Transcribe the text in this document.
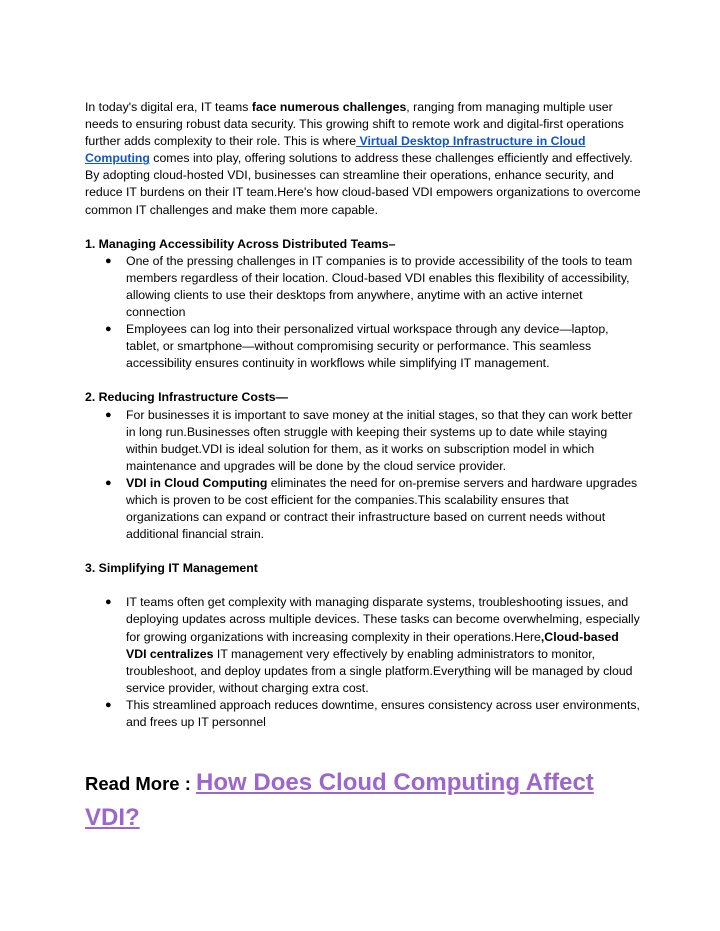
In today's digital era, IT teams face numerous challenges, ranging from managing multiple user needs to ensuring robust data security. This growing shift to remote work and digital-first operations further adds complexity to their role. This is where Virtual Desktop Infrastructure in Cloud Computing comes into play, offering solutions to address these challenges efficiently and effectively. By adopting cloud-hosted VDI, businesses can streamline their operations, enhance security, and reduce IT burdens on their IT team.Here's how cloud-based VDI empowers organizations to overcome common IT challenges and make them more capable.

1. Managing Accessibility Across Distributed Teams–

● One of the pressing challenges in IT companies is to provide accessibility of the tools to team members regardless of their location. Cloud-based VDI enables this flexibility of accessibility, allowing clients to use their desktops from anywhere, anytime with an active internet connection
● Employees can log into their personalized virtual workspace through any device—laptop, tablet, or smartphone—without compromising security or performance. This seamless accessibility ensures continuity in workflows while simplifying IT management.

2. Reducing Infrastructure Costs—

● For businesses it is important to save money at the initial stages, so that they can work better in long run.Businesses often struggle with keeping their systems up to date while staying within budget.VDI is ideal solution for them, as it works on subscription model in which maintenance and upgrades will be done by the cloud service provider.
● VDI in Cloud Computing eliminates the need for on-premise servers and hardware upgrades which is proven to be cost efficient for the companies.This scalability ensures that organizations can expand or contract their infrastructure based on current needs without additional financial strain.

3. Simplifying IT Management

● IT teams often get complexity with managing disparate systems, troubleshooting issues, and deploying updates across multiple devices. These tasks can become overwhelming, especially for growing organizations with increasing complexity in their operations.Here,Cloud-based VDI centralizes IT management very effectively by enabling administrators to monitor, troubleshoot, and deploy updates from a single platform.Everything will be managed by cloud service provider, without charging extra cost.
● This streamlined approach reduces downtime, ensures consistency across user environments, and frees up IT personnel
Read More : How Does Cloud Computing Affect VDI?
